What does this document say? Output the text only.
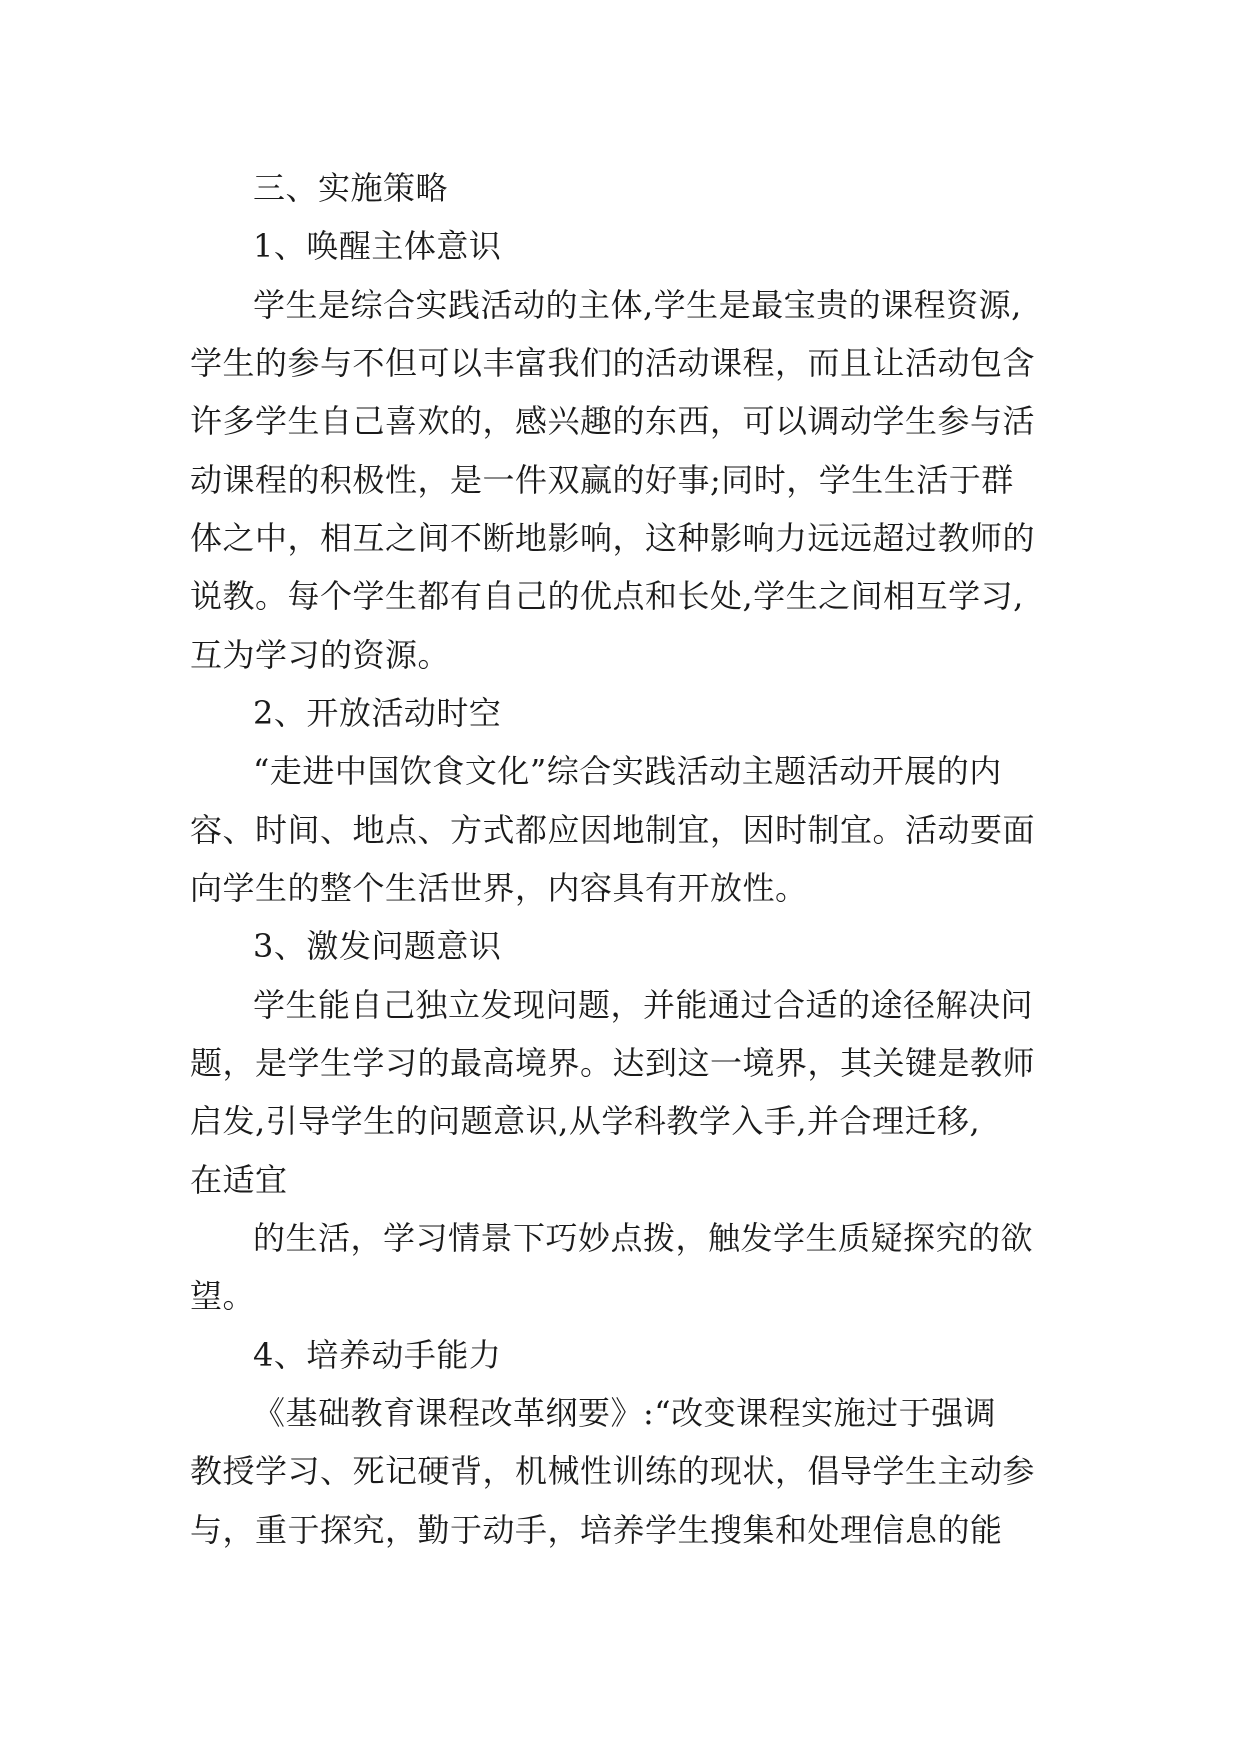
三、实施策略
1、唤醒主体意识
学生是综合实践活动的主体,学生是最宝贵的课程资源,
学生的参与不但可以丰富我们的活动课程，而且让活动包含
许多学生自己喜欢的，感兴趣的东西，可以调动学生参与活
动课程的积极性，是一件双赢的好事;同时，学生生活于群
体之中，相互之间不断地影响，这种影响力远远超过教师的
说教。每个学生都有自己的优点和长处,学生之间相互学习,
互为学习的资源。
2、开放活动时空
“走进中国饮食文化”综合实践活动主题活动开展的内
容、时间、地点、方式都应因地制宜，因时制宜。活动要面
向学生的整个生活世界，内容具有开放性。
3、激发问题意识
学生能自己独立发现问题，并能通过合适的途径解决问
题，是学生学习的最高境界。达到这一境界，其关键是教师
启发,引导学生的问题意识,从学科教学入手,并合理迁移,
在适宜
的生活，学习情景下巧妙点拨，触发学生质疑探究的欲
望。
4、培养动手能力
《基础教育课程改革纲要》:“改变课程实施过于强调
教授学习、死记硬背，机械性训练的现状，倡导学生主动参
与，重于探究，勤于动手，培养学生搜集和处理信息的能
